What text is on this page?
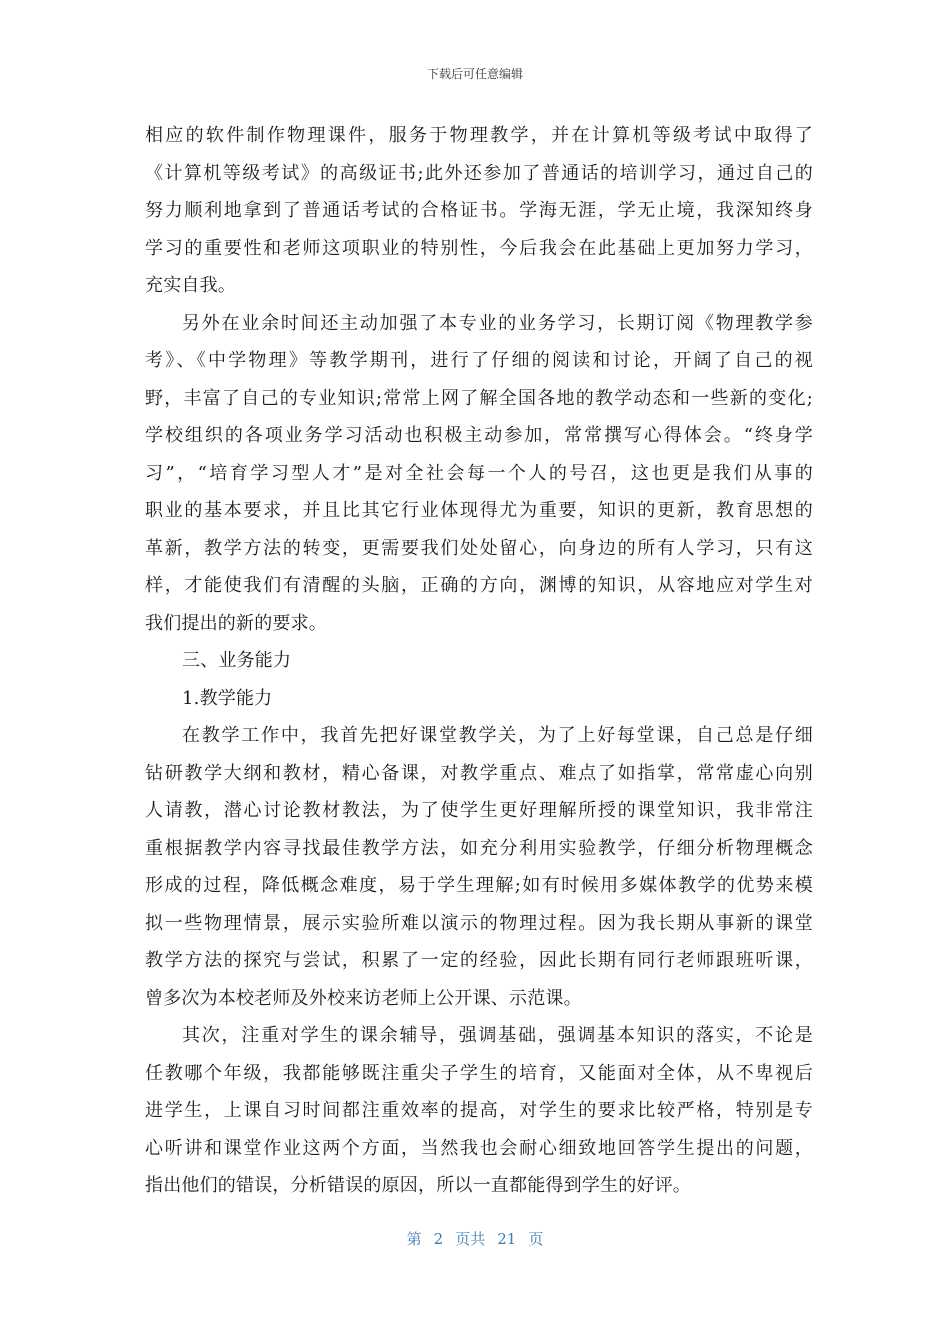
下载后可任意编辑
相应的软件制作物理课件，服务于物理教学，并在计算机等级考试中取得了
《计算机等级考试》的高级证书;此外还参加了普通话的培训学习，通过自己的
努力顺利地拿到了普通话考试的合格证书。学海无涯，学无止境，我深知终身
学习的重要性和老师这项职业的特别性，今后我会在此基础上更加努力学习，
充实自我。
另外在业余时间还主动加强了本专业的业务学习，长期订阅《物理教学参
考》、《中学物理》等教学期刊，进行了仔细的阅读和讨论，开阔了自己的视
野，丰富了自己的专业知识;常常上网了解全国各地的教学动态和一些新的变化;
学校组织的各项业务学习活动也积极主动参加，常常撰写心得体会。“终身学
习”，“培育学习型人才”是对全社会每一个人的号召，这也更是我们从事的
职业的基本要求，并且比其它行业体现得尤为重要，知识的更新，教育思想的
革新，教学方法的转变，更需要我们处处留心，向身边的所有人学习，只有这
样，才能使我们有清醒的头脑，正确的方向，渊博的知识，从容地应对学生对
我们提出的新的要求。
三、业务能力
1.教学能力
在教学工作中，我首先把好课堂教学关，为了上好每堂课，自己总是仔细
钻研教学大纲和教材，精心备课，对教学重点、难点了如指掌，常常虚心向别
人请教，潜心讨论教材教法，为了使学生更好理解所授的课堂知识，我非常注
重根据教学内容寻找最佳教学方法，如充分利用实验教学，仔细分析物理概念
形成的过程，降低概念难度，易于学生理解;如有时候用多媒体教学的优势来模
拟一些物理情景，展示实验所难以演示的物理过程。因为我长期从事新的课堂
教学方法的探究与尝试，积累了一定的经验，因此长期有同行老师跟班听课，
曾多次为本校老师及外校来访老师上公开课、示范课。
其次，注重对学生的课余辅导，强调基础，强调基本知识的落实，不论是
任教哪个年级，我都能够既注重尖子学生的培育，又能面对全体，从不卑视后
进学生，上课自习时间都注重效率的提高，对学生的要求比较严格，特别是专
心听讲和课堂作业这两个方面，当然我也会耐心细致地回答学生提出的问题，
指出他们的错误，分析错误的原因，所以一直都能得到学生的好评。
第 2 页共 21 页
